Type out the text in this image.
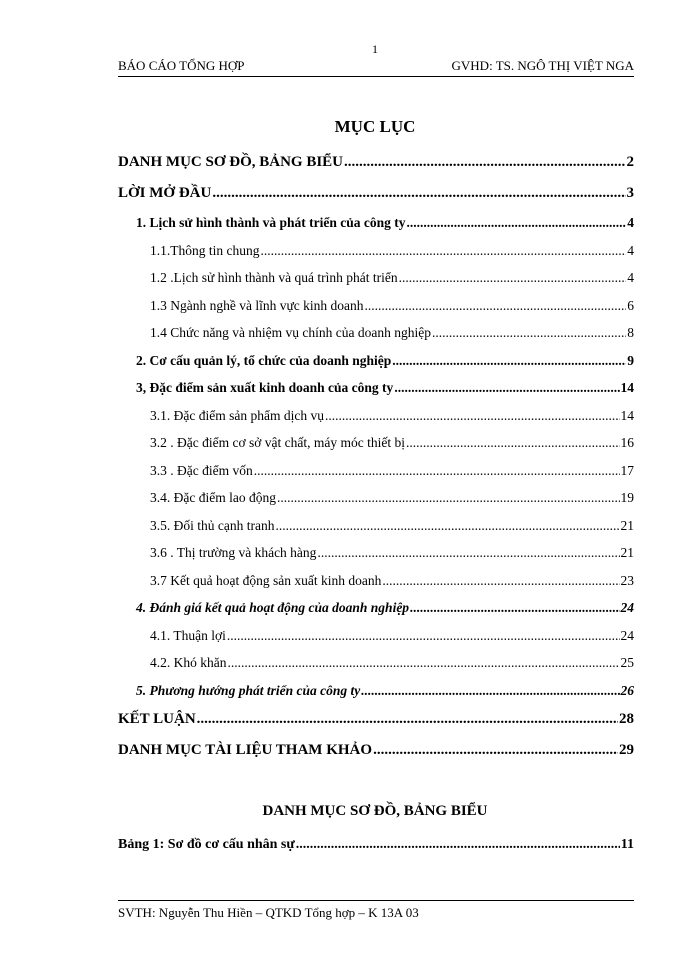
1
BÁO CÁO TỔNG HỢP	GVHD: TS. NGÔ THỊ VIỆT NGA
MỤC LỤC
DANH MỤC SƠ ĐỒ, BẢNG BIỂU .....	2
LỜI MỞ ĐẦU .....	3
1. Lịch sử hình thành và phát triển của công ty .....	4
1.1.Thông tin chung .....	4
1.2 .Lịch sử hình thành và quá trình phát triển .....	4
1.3 Ngành nghề và lĩnh vực kinh doanh .....	6
1.4 Chức năng và nhiệm vụ chính của doanh nghiệp .....	8
2. Cơ cấu quản lý, tổ chức của doanh nghiệp .....	9
3, Đặc điểm sản xuất kinh doanh của công ty .....	14
3.1. Đặc điểm sản phẩm dịch vụ .....	14
3.2 . Đặc điểm cơ sở vật chất, máy móc thiết bị .....	16
3.3 . Đặc điểm vốn .....	17
3.4. Đặc điểm lao động .....	19
3.5. Đối thủ cạnh tranh .....	21
3.6 . Thị trường và khách hàng .....	21
3.7 Kết quả hoạt động sản xuất kinh doanh .....	23
4. Đánh giá kết quả hoạt động của doanh nghiệp .....	24
4.1. Thuận lợi .....	24
4.2. Khó khăn .....	25
5. Phương hướng phát triển của công ty .....	26
KẾT LUẬN .....	28
DANH MỤC TÀI LIỆU THAM KHẢO .....	29
DANH MỤC SƠ ĐỒ, BẢNG BIỂU
Bảng 1: Sơ đồ cơ cấu nhân sự .....	11
SVTH: Nguyễn Thu Hiền – QTKD Tổng hợp – K 13A 03
